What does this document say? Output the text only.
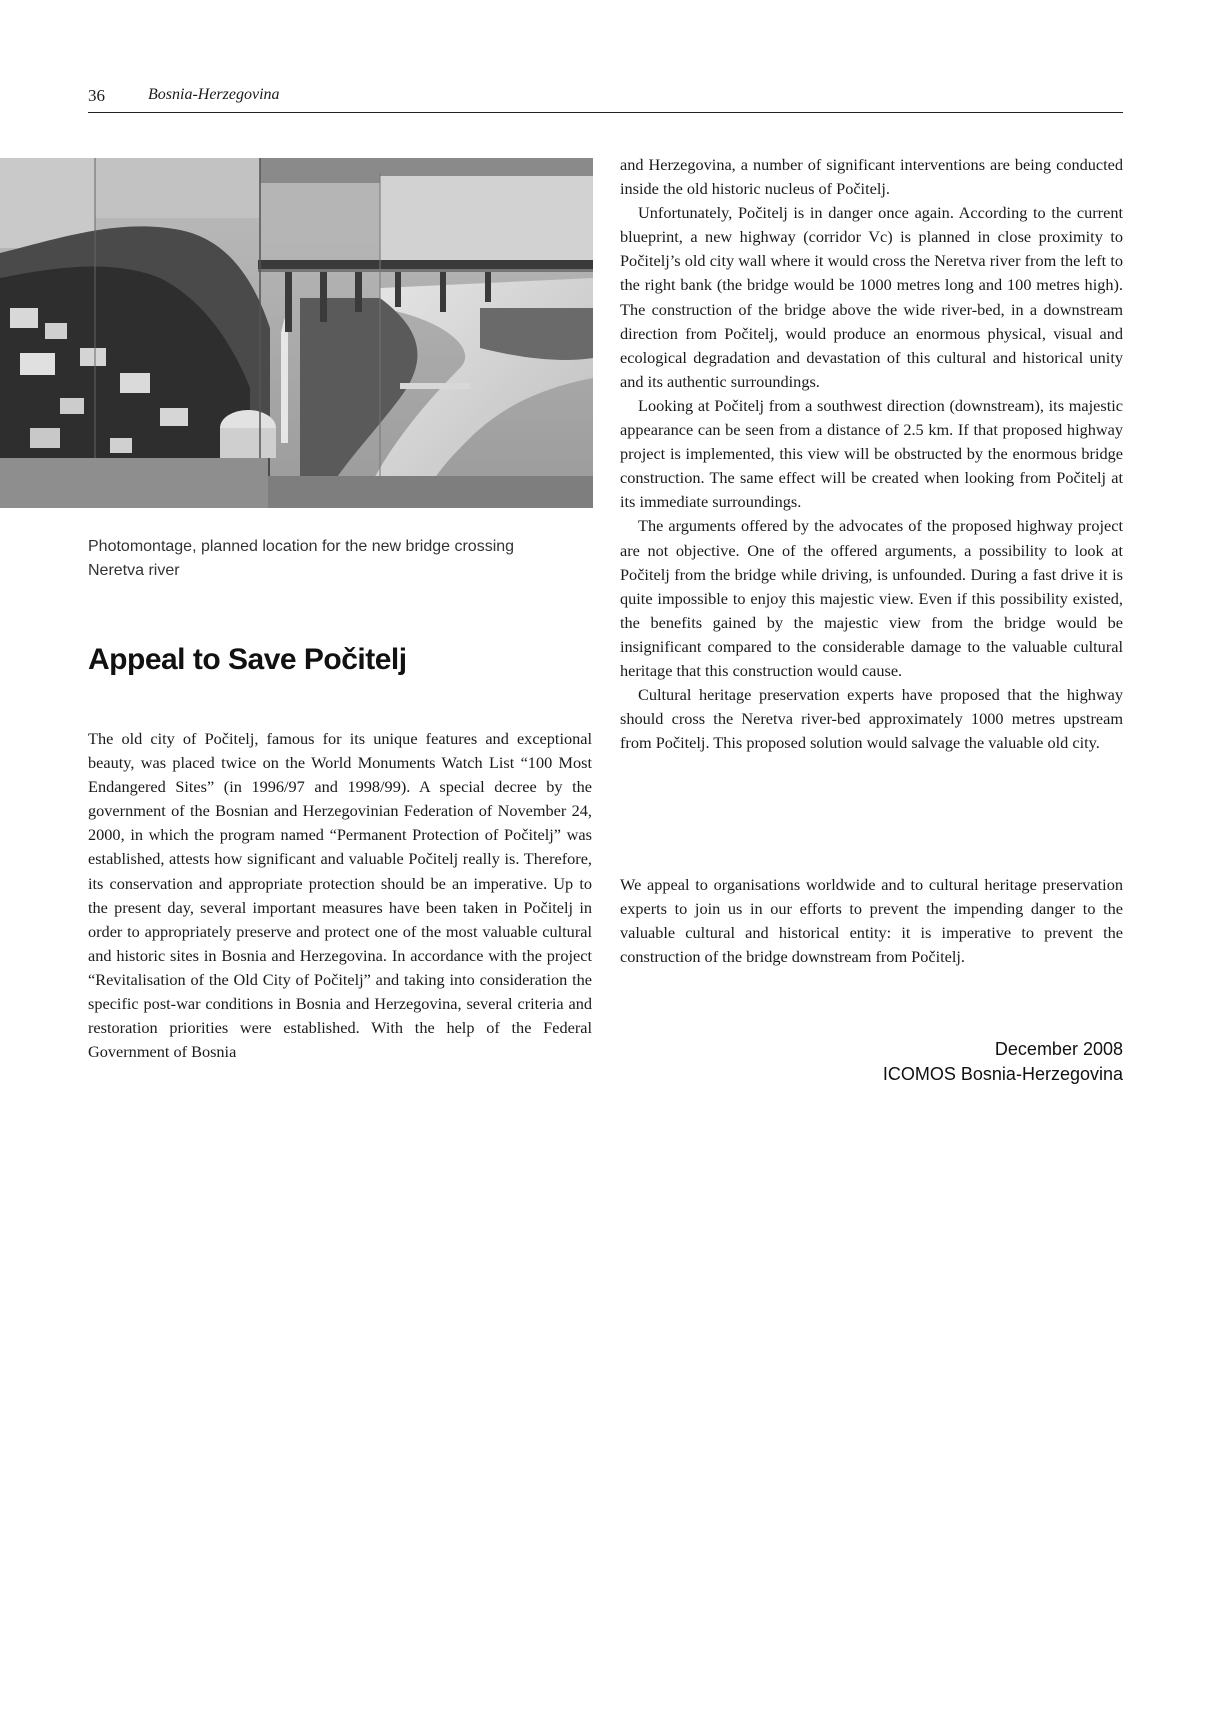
36	Bosnia-Herzegovina
Photomontage, planned location for the new bridge crossing
Neretva river
Appeal to Save Počitelj

The old city of Počitelj, famous for its unique features and exceptional beauty, was placed twice on the World Monuments Watch List “100 Most Endangered Sites” (in 1996/97 and 1998/99). A special decree by the government of the Bosnian and Herzegovinian Federation of November 24, 2000, in which the program named “Permanent Protection of Počitelj” was established, attests how significant and valuable Počitelj really is. Therefore, its conservation and appropriate protection should be an imperative. Up to the present day, several important measures have been taken in Počitelj in order to appropriately preserve and protect one of the most valuable cultural and historic sites in Bosnia and Herzegovina. In accordance with the project “Revitalisation of the Old City of Počitelj” and taking into consideration the specific post-war conditions in Bosnia and Herzegovina, several criteria and restoration priorities were established. With the help of the Federal Government of Bosnia

and Herzegovina, a number of significant interventions are being conducted inside the old historic nucleus of Počitelj.

Unfortunately, Počitelj is in danger once again. According to the current blueprint, a new highway (corridor Vc) is planned in close proximity to Počitelj’s old city wall where it would cross the Neretva river from the left to the right bank (the bridge would be 1000 metres long and 100 metres high). The construction of the bridge above the wide river-bed, in a downstream direction from Počitelj, would produce an enormous physical, visual and ecological degradation and devastation of this cultural and historical unity and its authentic surroundings.

Looking at Počitelj from a southwest direction (downstream), its majestic appearance can be seen from a distance of 2.5 km. If that proposed highway project is implemented, this view will be obstructed by the enormous bridge construction. The same effect will be created when looking from Počitelj at its immediate surroundings.

The arguments offered by the advocates of the proposed highway project are not objective. One of the offered arguments, a possibility to look at Počitelj from the bridge while driving, is unfounded. During a fast drive it is quite impossible to enjoy this majestic view. Even if this possibility existed, the benefits gained by the majestic view from the bridge would be insignificant compared to the considerable damage to the valuable cultural heritage that this construction would cause.

Cultural heritage preservation experts have proposed that the highway should cross the Neretva river-bed approximately 1000 metres upstream from Počitelj. This proposed solution would salvage the valuable old city.

We appeal to organisations worldwide and to cultural heritage preservation experts to join us in our efforts to prevent the impending danger to the valuable cultural and historical entity: it is imperative to prevent the construction of the bridge downstream from Počitelj.

December 2008
ICOMOS Bosnia-Herzegovina
